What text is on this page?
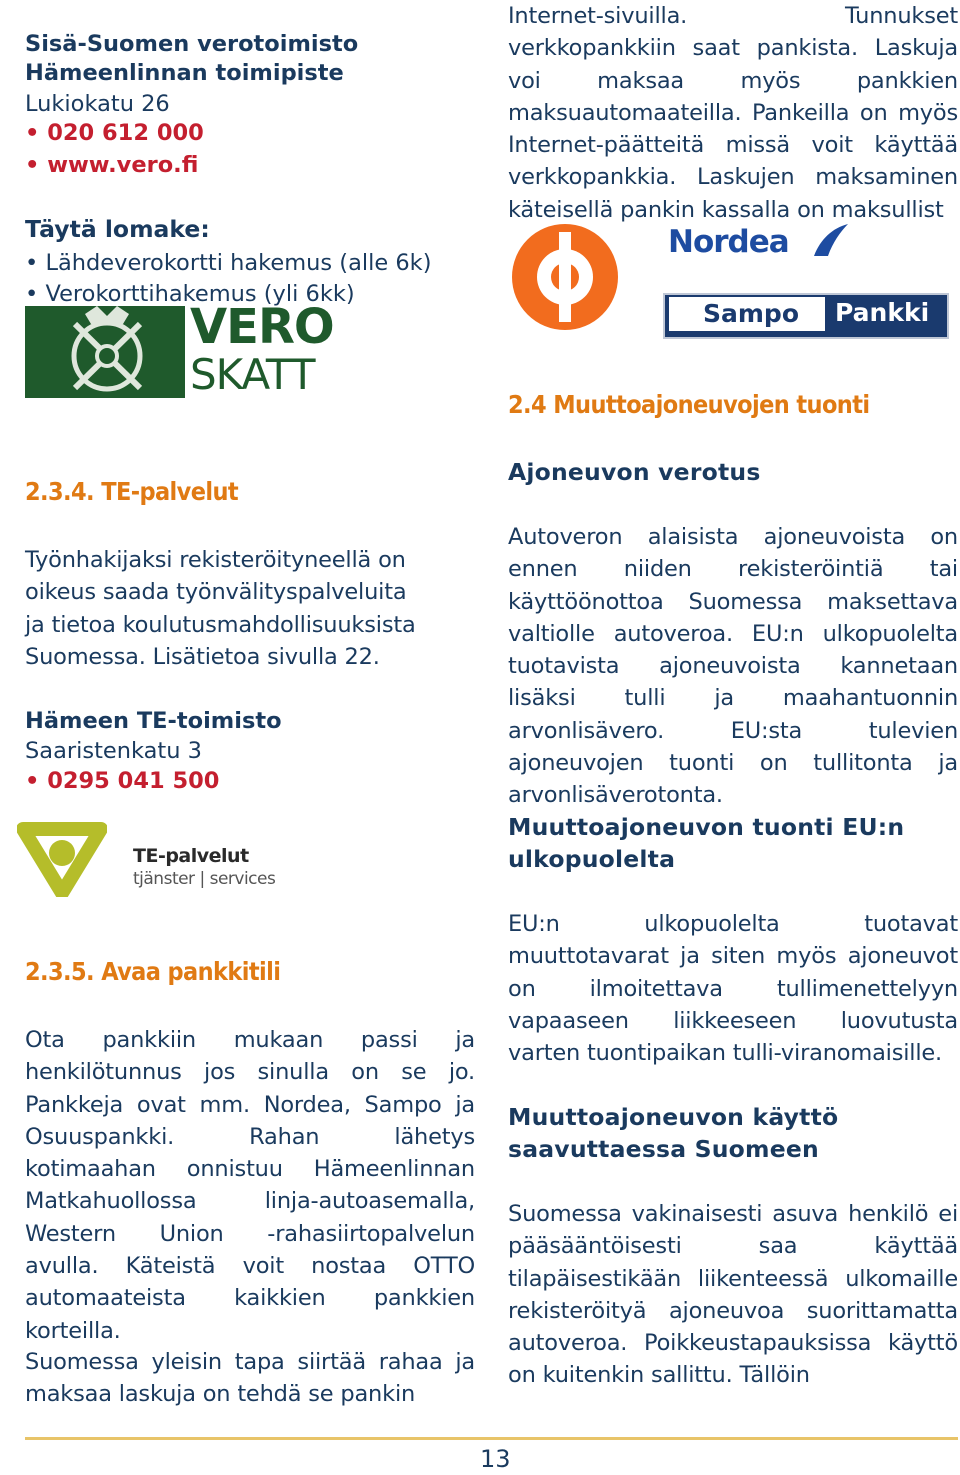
Sisä-Suomen verotoimisto
Hämeenlinnan toimipiste
Lukiokatu 26
• 020 612 000
• www.vero.fi
Täytä lomake:
• Lähdeverokortti hakemus (alle 6k)
• Verokorttihakemus (yli 6kk)
VERO
SKATT
2.3.4. TE-palvelut
Työnhakijaksi rekisteröityneellä on oikeus saada työnvälityspalveluita ja tietoa koulutusmahdollisuuksista Suomessa. Lisätietoa sivulla 22.
Hämeen TE-toimisto
Saaristenkatu 3
• 0295 041 500
TE-palvelut
tjänster | services
2.3.5. Avaa pankkitili
Ota pankkiin mukaan passi ja henkilötunnus jos sinulla on se jo. Pankkeja ovat mm. Nordea, Sampo ja Osuuspankki. Rahan lähetys kotimaahan onnistuu Hämeenlinnan Matkahuollossa linja-autoasemalla, Western Union -rahasiirtopalvelun avulla. Käteistä voit nostaa OTTO automaateista kaikkien pankkien korteilla.
Suomessa yleisin tapa siirtää rahaa ja maksaa laskuja on tehdä se pankin
Internet-sivuilla. Tunnukset verkkopankkiin saat pankista. Laskuja voi maksaa myös pankkien maksuautomaateilla. Pankeilla on myös Internet-päätteitä missä voit käyttää verkkopankkia. Laskujen maksaminen käteisellä pankin kassalla on maksullist
Nordea
Sampo Pankki
2.4 Muuttoajoneuvojen tuonti
Ajoneuvon verotus
Autoveron alaisista ajoneuvoista on ennen niiden rekisteröintiä tai käyttöönottoa Suomessa maksettava valtiolle autoveroa. EU:n ulkopuolelta tuotavista ajoneuvoista kannetaan lisäksi tulli ja maahantuonnin arvonlisävero. EU:sta tulevien ajoneuvojen tuonti on tullitonta ja arvonlisäverotonta.
Muuttoajoneuvon tuonti EU:n
ulkopuolelta
EU:n ulkopuolelta tuotavat muuttotavarat ja siten myös ajoneuvot on ilmoitettava tullimenettelyyn vapaaseen liikkeeseen luovutusta varten tuontipaikan tulli-viranomaisille.
Muuttoajoneuvon käyttö
saavuttaessa Suomeen
Suomessa vakinaisesti asuva henkilö ei pääsääntöisesti saa käyttää tilapäisestikään liikenteessä ulkomaille rekisteröityä ajoneuvoa suorittamatta autoveroa. Poikkeustapauksissa käyttö on kuitenkin sallittu. Tällöin
13
